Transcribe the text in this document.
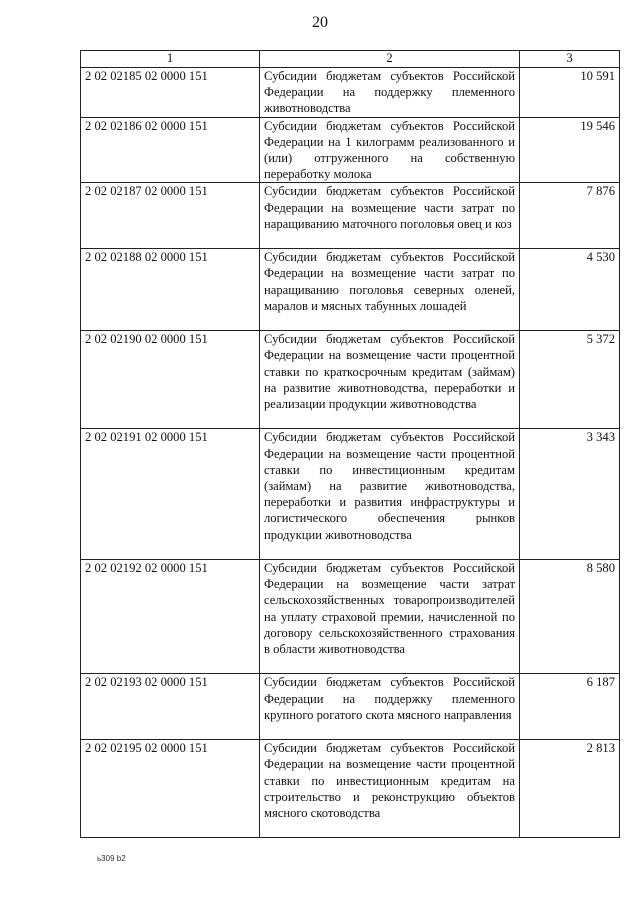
20
1	2	3
2 02 02185 02 0000 151	Субсидии бюджетам субъектов Российской Федерации на поддержку племенного животноводства	10 591
2 02 02186 02 0000 151	Субсидии бюджетам субъектов Российской Федерации на 1 килограмм реализованного и (или) отгруженного на собственную переработку молока	19 546
2 02 02187 02 0000 151	Субсидии бюджетам субъектов Российской Федерации на возмещение части затрат по наращиванию маточного поголовья овец и коз	7 876
2 02 02188 02 0000 151	Субсидии бюджетам субъектов Российской Федерации на возмещение части затрат по наращиванию поголовья северных оленей, маралов и мясных табунных лошадей	4 530
2 02 02190 02 0000 151	Субсидии бюджетам субъектов Российской Федерации на возмещение части процентной ставки по краткосрочным кредитам (займам) на развитие животноводства, переработки и реализации продукции животноводства	5 372
2 02 02191 02 0000 151	Субсидии бюджетам субъектов Российской Федерации на возмещение части процентной ставки по инвестиционным кредитам (займам) на развитие животноводства, переработки и развития инфраструктуры и логистического обеспечения рынков продукции животноводства	3 343
2 02 02192 02 0000 151	Субсидии бюджетам субъектов Российской Федерации на возмещение части затрат сельскохозяйственных товаропроизводителей на уплату страховой премии, начисленной по договору сельскохозяйственного страхования в области животноводства	8 580
2 02 02193 02 0000 151	Субсидии бюджетам субъектов Российской Федерации на поддержку племенного крупного рогатого скота мясного направления	6 187
2 02 02195 02 0000 151	Субсидии бюджетам субъектов Российской Федерации на возмещение части процентной ставки по инвестиционным кредитам на строительство и реконструкцию объектов мясного скотоводства	2 813
ь309 b2
